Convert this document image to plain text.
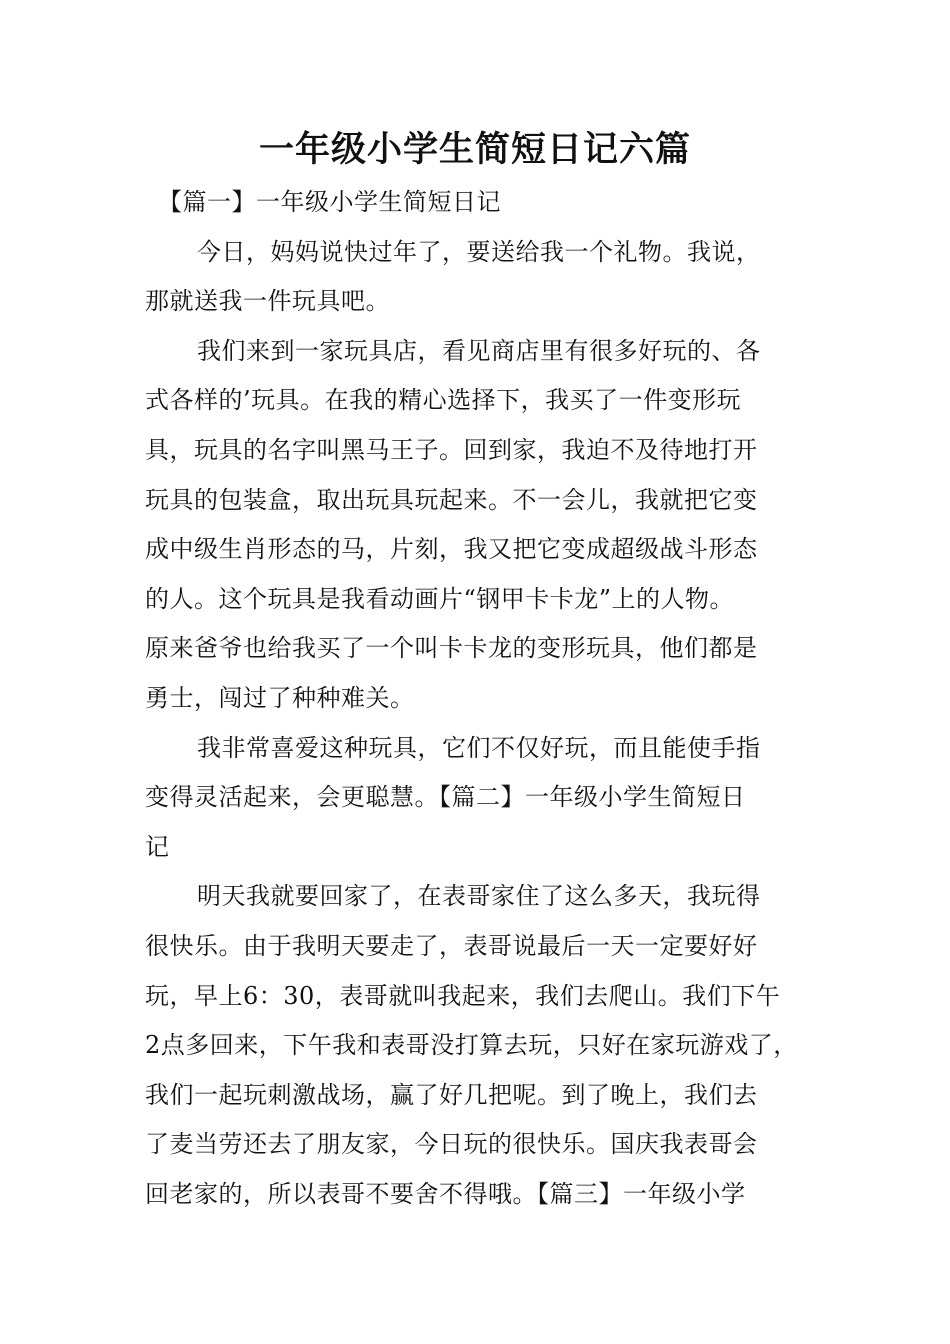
一年级小学生简短日记六篇
【篇一】一年级小学生简短日记
今日，妈妈说快过年了，要送给我一个礼物。我说，
那就送我一件玩具吧。
我们来到一家玩具店，看见商店里有很多好玩的、各
式各样的’玩具。在我的精心选择下，我买了一件变形玩
具，玩具的名字叫黑马王子。回到家，我迫不及待地打开
玩具的包装盒，取出玩具玩起来。不一会儿，我就把它变
成中级生肖形态的马，片刻，我又把它变成超级战斗形态
的人。这个玩具是我看动画片“钢甲卡卡龙”上的人物。
原来爸爷也给我买了一个叫卡卡龙的变形玩具，他们都是
勇士，闯过了种种难关。
我非常喜爱这种玩具，它们不仅好玩，而且能使手指
变得灵活起来，会更聪慧。【篇二】一年级小学生简短日
记
明天我就要回家了，在表哥家住了这么多天，我玩得
很快乐。由于我明天要走了，表哥说最后一天一定要好好
玩，早上6：30，表哥就叫我起来，我们去爬山。我们下午
2点多回来，下午我和表哥没打算去玩，只好在家玩游戏了，
我们一起玩刺激战场，赢了好几把呢。到了晚上，我们去
了麦当劳还去了朋友家，今日玩的很快乐。国庆我表哥会
回老家的，所以表哥不要舍不得哦。【篇三】一年级小学
